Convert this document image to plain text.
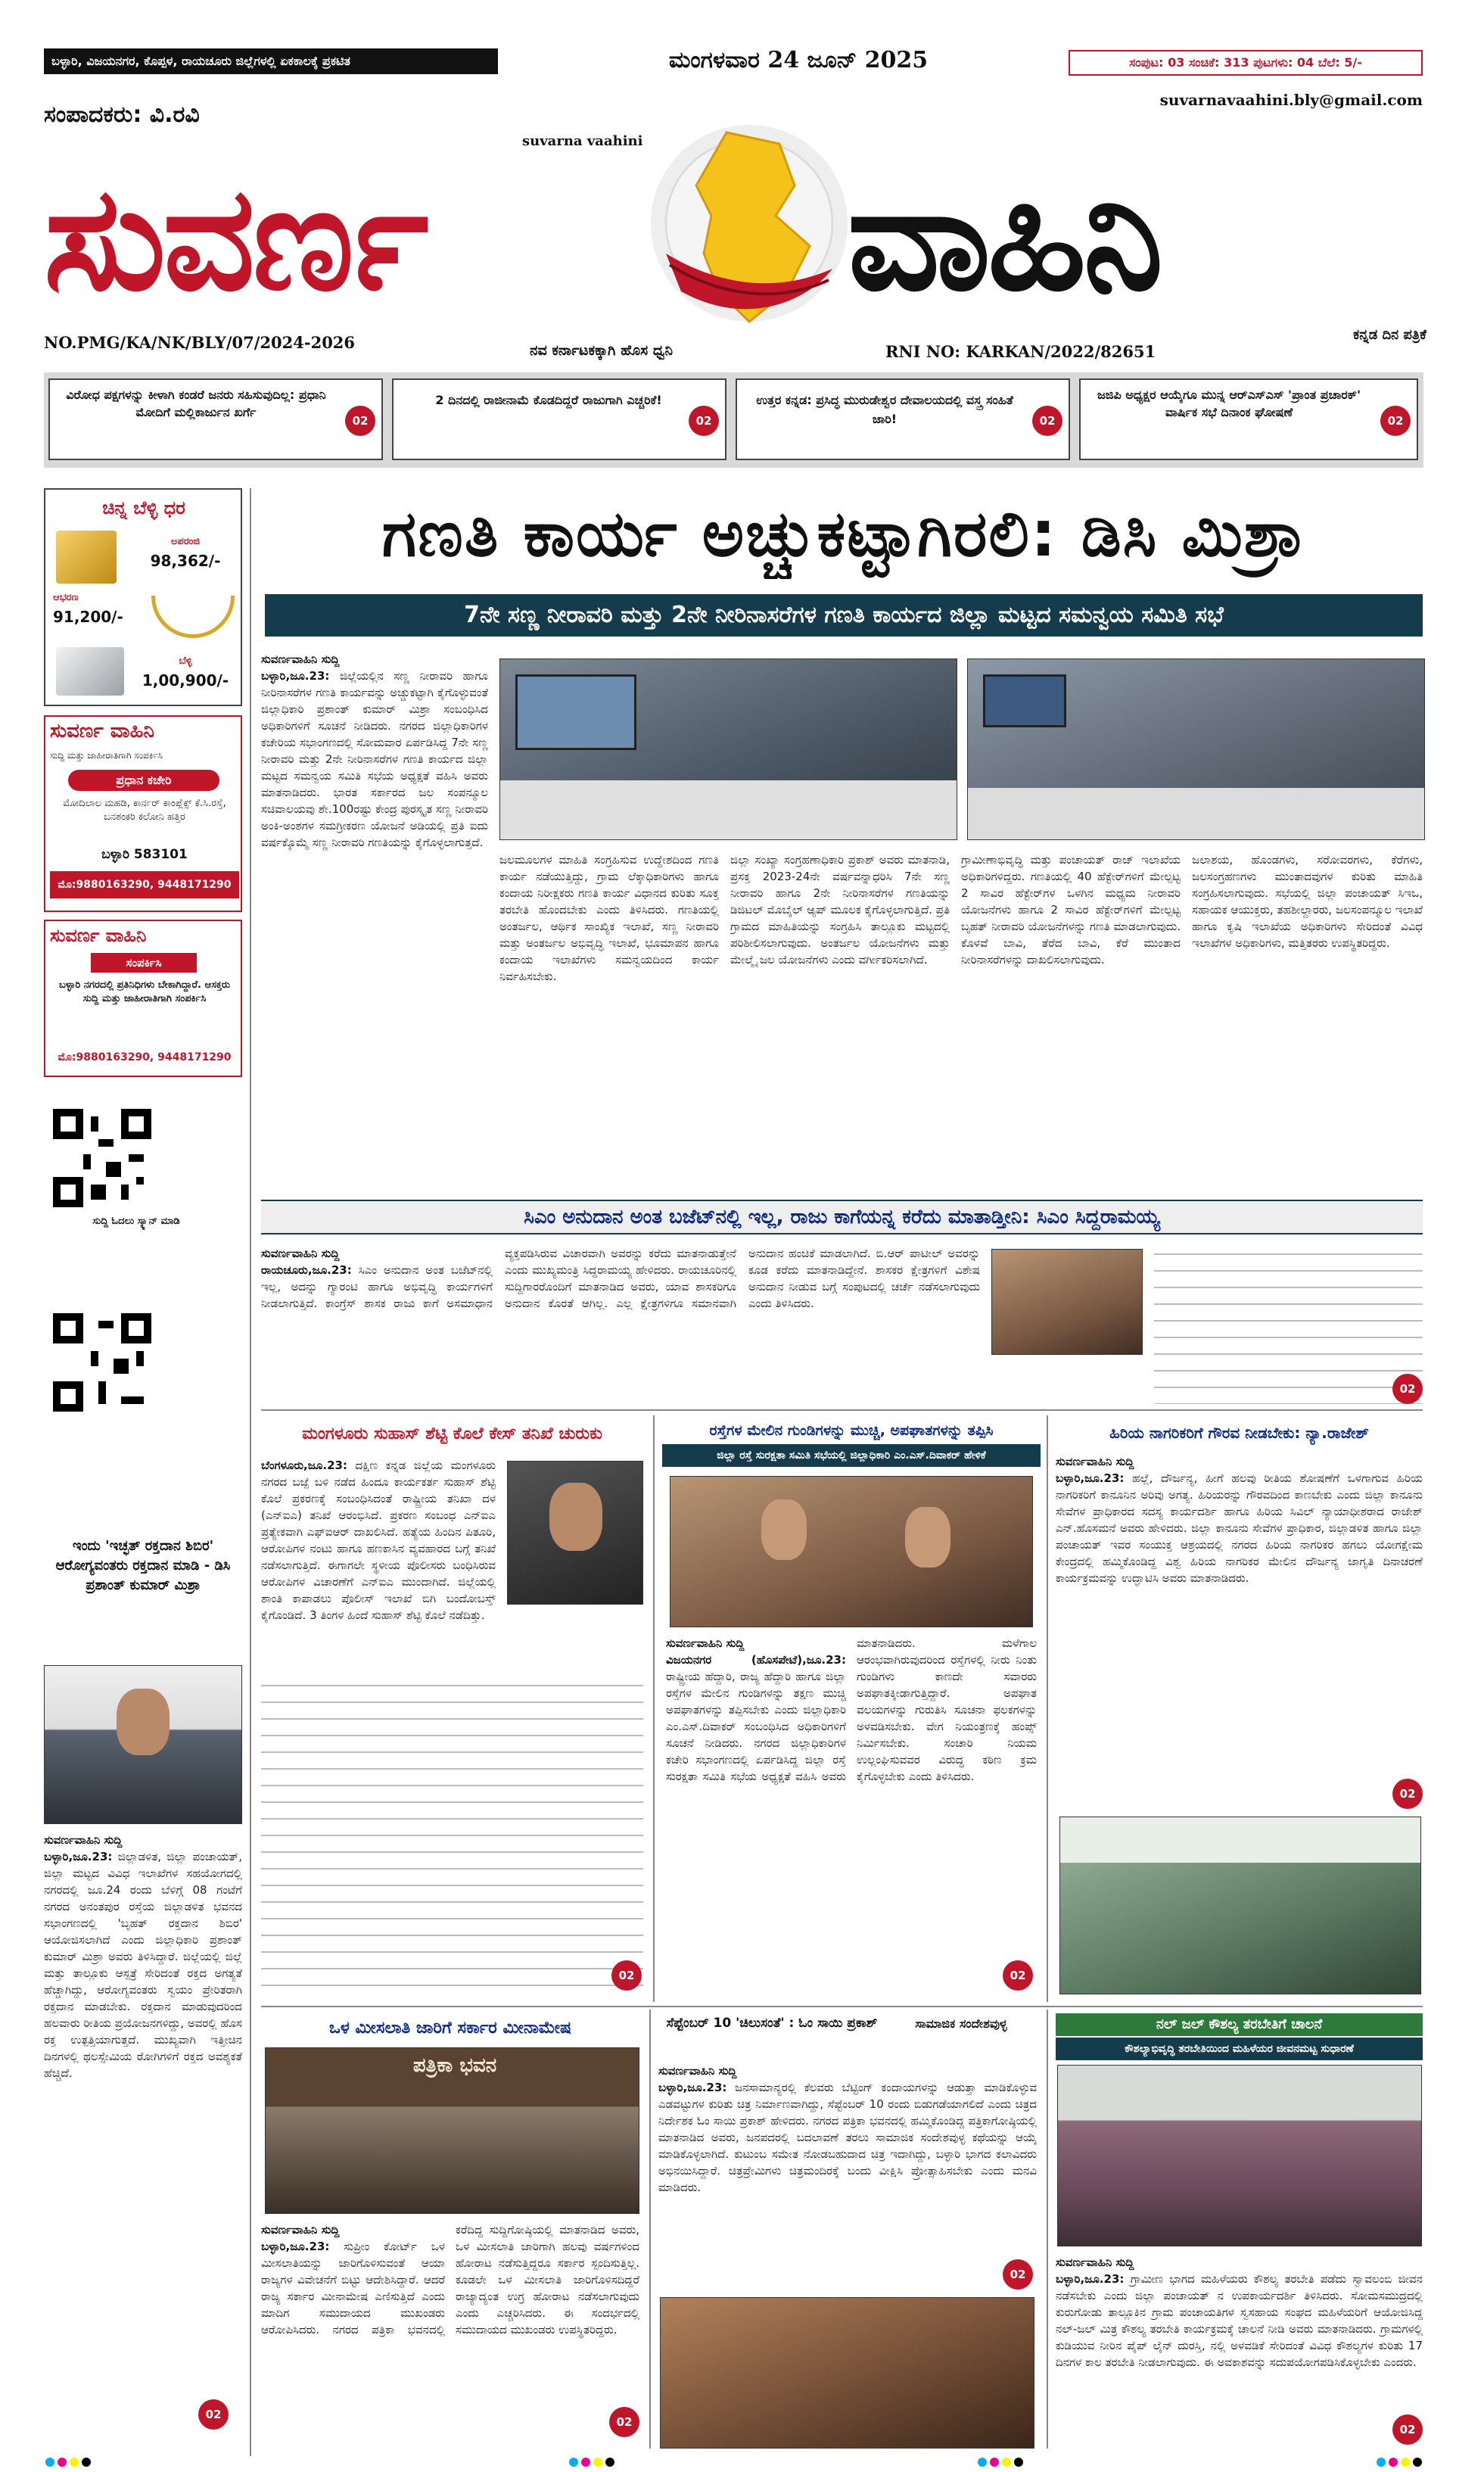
ಬಳ್ಳಾರಿ, ವಿಜಯನಗರ, ಕೊಪ್ಪಳ, ರಾಯಚೂರು ಜಿಲ್ಲೆಗಳಲ್ಲಿ ಏಕಕಾಲಕ್ಕೆ ಪ್ರಕಟಿತ	ಮಂಗಳವಾರ 24 ಜೂನ್ 2025	ಸಂಪುಟ: 03 ಸಂಚಿಕೆ: 313 ಪುಟಗಳು: 04 ಬೆಲೆ: 5/-
suvarnavaahini.bly@gmail.com
ಸಂಪಾದಕರು: ವಿ.ರವಿ
suvarna vaahini
ಸುವರ್ಣ	ವಾಹಿನಿ
NO.PMG/KA/NK/BLY/07/2024-2026	ನವ ಕರ್ನಾಟಕಕ್ಕಾಗಿ ಹೊಸ ಧ್ವನಿ	RNI NO: KARKAN/2022/82651
ಕನ್ನಡ ದಿನ ಪತ್ರಿಕೆ
ವಿರೋಧ ಪಕ್ಷಗಳನ್ನು ಕೀಳಾಗಿ ಕಂಡರೆ ಜನರು ಸಹಿಸುವುದಿಲ್ಲ: ಪ್ರಧಾನಿ ಮೋದಿಗೆ ಮಲ್ಲಿಕಾರ್ಜುನ ಖರ್ಗೆ
02
2 ದಿನದಲ್ಲಿ ರಾಜೀನಾಮೆ ಕೊಡದಿದ್ದರೆ ರಾಜುಗಾಗಿ ಎಚ್ಚರಿಕೆ!
02
ಉತ್ತರ ಕನ್ನಡ: ಪ್ರಸಿದ್ಧ ಮುರುಡೇಶ್ವರ ದೇವಾಲಯದಲ್ಲಿ ವಸ್ತ್ರ ಸಂಹಿತೆ ಜಾರಿ!	02
ಜಜಿಪಿ ಅಧ್ಯಕ್ಷರ ಆಯ್ಕೆಗೂ ಮುನ್ನ ಆರ್‌ಎಸ್‌ಎಸ್ 'ಪ್ರಾಂತ ಪ್ರಚಾರಕ್' ವಾರ್ಷಿಕ ಸಭೆ ದಿನಾಂಕ ಘೋಷಣೆ
02
ಚಿನ್ನ ಬೆಳ್ಳಿ ಧರ
ಅಪರಂಜಿ
98,362/-
ಆಭರಣ
91,200/-
ಬೆಳ್ಳಿ
1,00,900/-
ಸುವರ್ಣ ವಾಹಿನಿ
ಸುದ್ದಿ ಮತ್ತು ಜಾಹೀರಾತಿಗಾಗಿ ಸಂಪರ್ಕಿಸಿ
ಪ್ರಧಾನ ಕಚೇರಿ
ಮೋದಿಲಾಲ ಮಹಡಿ, ಕಾರ್ನರ್ ಕಾಂಪ್ಲೆಕ್ಸ್ ಕೆ.ಸಿ.ರಸ್ತೆ, ಬನಶಂಕರಿ ಕಲೋನಿ ಹತ್ತಿರ
ಬಳ್ಳಾರಿ 583101
ಮೊ:9880163290, 9448171290
ಸುವರ್ಣ ವಾಹಿನಿ
ಸಂಪರ್ಕಿಸಿ
ಬಳ್ಳಾರಿ ನಗರದಲ್ಲಿ ಪ್ರತಿನಿಧಿಗಳು ಬೇಕಾಗಿದ್ದಾರೆ. ಆಸಕ್ತರು ಸುದ್ದಿ ಮತ್ತು ಜಾಹೀರಾತಿಗಾಗಿ ಸಂಪರ್ಕಿಸಿ
ಮೊ:9880163290, 9448171290
ಸುದ್ದಿ ಓದಲು ಸ್ಕ್ಯಾನ್ ಮಾಡಿ
ಇಂದು 'ಇಚ್ಛತ್ ರಕ್ತದಾನ ಶಿಬಿರ' ಆರೋಗ್ಯವಂತರು ರಕ್ತದಾನ ಮಾಡಿ - ಡಿಸಿ ಪ್ರಶಾಂತ್ ಕುಮಾರ್ ಮಿಶ್ರಾ
ಸುವರ್ಣವಾಹಿನಿ ಸುದ್ದಿ
ಬಳ್ಳಾರಿ,ಜೂ.23: ಜಿಲ್ಲಾಡಳಿತ, ಜಿಲ್ಲಾ ಪಂಚಾಯತ್, ಜಿಲ್ಲಾ ಮಟ್ಟದ ವಿವಿಧ ಇಲಾಖೆಗಳ ಸಹಯೋಗದಲ್ಲಿ ನಗರದಲ್ಲಿ ಜೂ.24 ರಂದು ಬೆಳಿಗ್ಗೆ 08 ಗಂಟೆಗೆ ನಗರದ ಅನಂತಪುರ ರಸ್ತೆಯ ಜಿಲ್ಲಾಡಳಿತ ಭವನದ ಸಭಾಂಗಣದಲ್ಲಿ 'ಬೃಹತ್ ರಕ್ತದಾನ ಶಿಬಿರ' ಆಯೋಜಿಸಲಾಗಿದೆ ಎಂದು ಜಿಲ್ಲಾಧಿಕಾರಿ ಪ್ರಶಾಂತ್ ಕುಮಾರ್ ಮಿಶ್ರಾ ಅವರು ತಿಳಿಸಿದ್ದಾರೆ. ಜಿಲ್ಲೆಯಲ್ಲಿ ಜಿಲ್ಲೆ ಮತ್ತು ತಾಲ್ಲೂಕು ಆಸ್ಪತ್ರೆ ಸೇರಿದಂತೆ ರಕ್ತದ ಅಗತ್ಯತೆ ಹೆಚ್ಚಾಗಿದ್ದು, ಆರೋಗ್ಯವಂತರು ಸ್ವಯಂ ಪ್ರೇರಿತರಾಗಿ ರಕ್ತದಾನ ಮಾಡಬೇಕು. ರಕ್ತದಾನ ಮಾಡುವುದರಿಂದ ಹಲವಾರು ರೀತಿಯ ಪ್ರಯೋಜನಗಳಿದ್ದು, ಅವರಲ್ಲಿ ಹೊಸ ರಕ್ತ ಉತ್ಪತ್ತಿಯಾಗುತ್ತದೆ. ಮುಖ್ಯವಾಗಿ ಇತ್ತೀಚಿನ ದಿನಗಳಲ್ಲಿ ಥಲಸ್ಸೇಮಿಯ ರೋಗಿಗಳಿಗೆ ರಕ್ತದ ಅವಶ್ಯಕತೆ ಹೆಚ್ಚಿದೆ.
02
ಗಣತಿ ಕಾರ್ಯ ಅಚ್ಚುಕಟ್ಟಾಗಿರಲಿ: ಡಿಸಿ ಮಿಶ್ರಾ
7ನೇ ಸಣ್ಣ ನೀರಾವರಿ ಮತ್ತು 2ನೇ ನೀರಿನಾಸರೆಗಳ ಗಣತಿ ಕಾರ್ಯದ ಜಿಲ್ಲಾ ಮಟ್ಟದ ಸಮನ್ವಯ ಸಮಿತಿ ಸಭೆ
ಸುವರ್ಣವಾಹಿನಿ ಸುದ್ದಿ
ಬಳ್ಳಾರಿ,ಜೂ.23: ಜಿಲ್ಲೆಯಲ್ಲಿನ ಸಣ್ಣ ನೀರಾವರಿ ಹಾಗೂ ನೀರಿನಾಸರೆಗಳ ಗಣತಿ ಕಾರ್ಯವನ್ನು ಅಚ್ಚುಕಟ್ಟಾಗಿ ಕೈಗೊಳ್ಳುವಂತೆ ಜಿಲ್ಲಾಧಿಕಾರಿ ಪ್ರಶಾಂತ್ ಕುಮಾರ್ ಮಿಶ್ರಾ ಸಂಬಂಧಿಸಿದ ಅಧಿಕಾರಿಗಳಿಗೆ ಸೂಚನೆ ನೀಡಿದರು. ನಗರದ ಜಿಲ್ಲಾಧಿಕಾರಿಗಳ ಕಚೇರಿಯ ಸಭಾಂಗಣದಲ್ಲಿ ಸೋಮವಾರ ಏರ್ಪಡಿಸಿದ್ದ 7ನೇ ಸಣ್ಣ ನೀರಾವರಿ ಮತ್ತು 2ನೇ ನೀರಿನಾಸರೆಗಳ ಗಣತಿ ಕಾರ್ಯದ ಜಿಲ್ಲಾ ಮಟ್ಟದ ಸಮನ್ವಯ ಸಮಿತಿ ಸಭೆಯ ಅಧ್ಯಕ್ಷತೆ ವಹಿಸಿ ಅವರು ಮಾತನಾಡಿದರು. ಭಾರತ ಸರ್ಕಾರದ ಜಲ ಸಂಪನ್ಮೂಲ ಸಚಿವಾಲಯವು ಶೇ.100ರಷ್ಟು ಕೇಂದ್ರ ಪುರಸ್ಕೃತ ಸಣ್ಣ ನೀರಾವರಿ ಅಂಕಿ-ಅಂಶಗಳ ಸಮಗ್ರೀಕರಣ ಯೋಜನೆ ಅಡಿಯಲ್ಲಿ ಪ್ರತಿ ಐದು ವರ್ಷಕ್ಕೊಮ್ಮೆ ಸಣ್ಣ ನೀರಾವರಿ ಗಣತಿಯನ್ನು ಕೈಗೊಳ್ಳಲಾಗುತ್ತದೆ.
ಜಲಮೂಲಗಳ ಮಾಹಿತಿ ಸಂಗ್ರಹಿಸುವ ಉದ್ದೇಶದಿಂದ ಗಣತಿ ಕಾರ್ಯ ನಡೆಯುತ್ತಿದ್ದು, ಗ್ರಾಮ ಲೆಕ್ಕಾಧಿಕಾರಿಗಳು ಹಾಗೂ ಕಂದಾಯ ನಿರೀಕ್ಷಕರು ಗಣತಿ ಕಾರ್ಯ ವಿಧಾನದ ಕುರಿತು ಸೂಕ್ತ ತರಬೇತಿ ಹೊಂದಬೇಕು ಎಂದು ತಿಳಿಸಿದರು. ಗಣತಿಯಲ್ಲಿ ಅಂತರ್ಜಲ, ಆರ್ಥಿಕ ಸಾಂಖ್ಯಿಕ ಇಲಾಖೆ, ಸಣ್ಣ ನೀರಾವರಿ ಮತ್ತು ಅಂತರ್ಜಲ ಅಭಿವೃದ್ಧಿ ಇಲಾಖೆ, ಭೂಮಾಪನ ಹಾಗೂ ಕಂದಾಯ ಇಲಾಖೆಗಳು ಸಮನ್ವಯದಿಂದ ಕಾರ್ಯ ನಿರ್ವಹಿಸಬೇಕು.
ಜಿಲ್ಲಾ ಸಂಖ್ಯಾ ಸಂಗ್ರಹಣಾಧಿಕಾರಿ ಪ್ರಕಾಶ್ ಅವರು ಮಾತನಾಡಿ, ಪ್ರಸಕ್ತ 2023-24ನೇ ವರ್ಷವನ್ನಾಧರಿಸಿ 7ನೇ ಸಣ್ಣ ನೀರಾವರಿ ಹಾಗೂ 2ನೇ ನೀರಿನಾಸರೆಗಳ ಗಣತಿಯನ್ನು ಡಿಜಿಟಲ್ ಮೊಬೈಲ್ ಆ್ಯಪ್ ಮೂಲಕ ಕೈಗೊಳ್ಳಲಾಗುತ್ತಿದೆ. ಪ್ರತಿ ಗ್ರಾಮದ ಮಾಹಿತಿಯನ್ನು ಸಂಗ್ರಹಿಸಿ ತಾಲ್ಲೂಕು ಮಟ್ಟದಲ್ಲಿ ಪರಿಶೀಲಿಸಲಾಗುವುದು. ಅಂತರ್ಜಲ ಯೋಜನೆಗಳು ಮತ್ತು ಮೇಲ್ಮೈ ಜಲ ಯೋಜನೆಗಳು ಎಂದು ವರ್ಗೀಕರಿಸಲಾಗಿದೆ.
ಗ್ರಾಮೀಣಾಭಿವೃದ್ಧಿ ಮತ್ತು ಪಂಚಾಯತ್ ರಾಜ್ ಇಲಾಖೆಯ ಅಧಿಕಾರಿಗಳಿದ್ದರು. ಗಣತಿಯಲ್ಲಿ 40 ಹೆಕ್ಟೇರ್‌ಗಳಿಗೆ ಮೇಲ್ಪಟ್ಟ 2 ಸಾವಿರ ಹೆಕ್ಟೇರ್‌ಗಳ ಒಳಗಿನ ಮಧ್ಯಮ ನೀರಾವರಿ ಯೋಜನೆಗಳು ಹಾಗೂ 2 ಸಾವಿರ ಹೆಕ್ಟೇರ್‌ಗಳಿಗೆ ಮೇಲ್ಪಟ್ಟ ಬೃಹತ್ ನೀರಾವರಿ ಯೋಜನೆಗಳನ್ನು ಗಣತಿ ಮಾಡಲಾಗುವುದು. ಕೊಳವೆ ಬಾವಿ, ತೆರೆದ ಬಾವಿ, ಕೆರೆ ಮುಂತಾದ ನೀರಿನಾಸರೆಗಳನ್ನು ದಾಖಲಿಸಲಾಗುವುದು.
ಜಲಾಶಯ, ಹೊಂಡಗಳು, ಸರೋವರಗಳು, ಕೆರೆಗಳು, ಜಲಸಂಗ್ರಹಣಗಳು ಮುಂತಾದವುಗಳ ಕುರಿತು ಮಾಹಿತಿ ಸಂಗ್ರಹಿಸಲಾಗುವುದು. ಸಭೆಯಲ್ಲಿ ಜಿಲ್ಲಾ ಪಂಚಾಯತ್ ಸಿಇಒ, ಸಹಾಯಕ ಆಯುಕ್ತರು, ತಹಶೀಲ್ದಾರರು, ಜಲಸಂಪನ್ಮೂಲ ಇಲಾಖೆ ಹಾಗೂ ಕೃಷಿ ಇಲಾಖೆಯ ಅಧಿಕಾರಿಗಳು ಸೇರಿದಂತೆ ವಿವಿಧ ಇಲಾಖೆಗಳ ಅಧಿಕಾರಿಗಳು, ಮತ್ತಿತರರು ಉಪಸ್ಥಿತರಿದ್ದರು.
ಸಿಎಂ ಅನುದಾನ ಅಂತ ಬಜೆಟ್‌ನಲ್ಲಿ ಇಲ್ಲ, ರಾಜು ಕಾಗೆಯನ್ನ ಕರೆದು ಮಾತಾಡ್ತೀನಿ: ಸಿಎಂ ಸಿದ್ದರಾಮಯ್ಯ
ಸುವರ್ಣವಾಹಿನಿ ಸುದ್ದಿ
ರಾಯಚೂರು,ಜೂ.23: ಸಿಎಂ ಅನುದಾನ ಅಂತ ಬಜೆಟ್‌ನಲ್ಲಿ ಇಲ್ಲ, ಅದನ್ನು ಗ್ಯಾರಂಟಿ ಹಾಗೂ ಅಭಿವೃದ್ಧಿ ಕಾರ್ಯಗಳಿಗೆ ನೀಡಲಾಗುತ್ತಿದೆ. ಕಾಂಗ್ರೆಸ್ ಶಾಸಕ ರಾಜು ಕಾಗೆ ಅಸಮಾಧಾನ ವ್ಯಕ್ತಪಡಿಸಿರುವ ವಿಚಾರವಾಗಿ ಅವರನ್ನು ಕರೆದು ಮಾತನಾಡುತ್ತೇನೆ ಎಂದು ಮುಖ್ಯಮಂತ್ರಿ ಸಿದ್ದರಾಮಯ್ಯ ಹೇಳಿದರು. ರಾಯಚೂರಿನಲ್ಲಿ ಸುದ್ದಿಗಾರರೊಂದಿಗೆ ಮಾತನಾಡಿದ ಅವರು, ಯಾವ ಶಾಸಕರಿಗೂ ಅನುದಾನ ಕೊರತೆ ಆಗಿಲ್ಲ. ಎಲ್ಲ ಕ್ಷೇತ್ರಗಳಿಗೂ ಸಮಾನವಾಗಿ ಅನುದಾನ ಹಂಚಿಕೆ ಮಾಡಲಾಗಿದೆ. ಬಿ.ಆರ್ ಪಾಟೀಲ್ ಅವರನ್ನು ಕೂಡ ಕರೆದು ಮಾತನಾಡಿದ್ದೇನೆ. ಶಾಸಕರ ಕ್ಷೇತ್ರಗಳಿಗೆ ವಿಶೇಷ ಅನುದಾನ ನೀಡುವ ಬಗ್ಗೆ ಸಂಪುಟದಲ್ಲಿ ಚರ್ಚೆ ನಡೆಸಲಾಗುವುದು ಎಂದು ತಿಳಿಸಿದರು.
02
ಮಂಗಳೂರು ಸುಹಾಸ್ ಶೆಟ್ಟಿ ಕೊಲೆ ಕೇಸ್ ತನಿಖೆ ಚುರುಕು
ಬೆಂಗಳೂರು,ಜೂ.23: ದಕ್ಷಿಣ ಕನ್ನಡ ಜಿಲ್ಲೆಯ ಮಂಗಳೂರು ನಗರದ ಬಜ್ಪೆ ಬಳಿ ನಡೆದ ಹಿಂದೂ ಕಾರ್ಯಕರ್ತ ಸುಹಾಸ್ ಶೆಟ್ಟಿ ಕೊಲೆ ಪ್ರಕರಣಕ್ಕೆ ಸಂಬಂಧಿಸಿದಂತೆ ರಾಷ್ಟ್ರೀಯ ತನಿಖಾ ದಳ (ಎನ್‌ಐಎ) ತನಿಖೆ ಆರಂಭಿಸಿದೆ. ಪ್ರಕರಣ ಸಂಬಂಧ ಎನ್‌ಐಎ ಪ್ರತ್ಯೇಕವಾಗಿ ಎಫ್‌ಐಆರ್ ದಾಖಲಿಸಿದೆ. ಹತ್ಯೆಯ ಹಿಂದಿನ ಪಿತೂರಿ, ಆರೋಪಿಗಳ ನಂಟು ಹಾಗೂ ಹಣಕಾಸಿನ ವ್ಯವಹಾರದ ಬಗ್ಗೆ ತನಿಖೆ ನಡೆಸಲಾಗುತ್ತಿದೆ. ಈಗಾಗಲೇ ಸ್ಥಳೀಯ ಪೊಲೀಸರು ಬಂಧಿಸಿರುವ ಆರೋಪಿಗಳ ವಿಚಾರಣೆಗೆ ಎನ್‌ಐಎ ಮುಂದಾಗಿದೆ. ಜಿಲ್ಲೆಯಲ್ಲಿ ಶಾಂತಿ ಕಾಪಾಡಲು ಪೊಲೀಸ್ ಇಲಾಖೆ ಬಿಗಿ ಬಂದೋಬಸ್ತ್ ಕೈಗೊಂಡಿದೆ. 3 ತಿಂಗಳ ಹಿಂದೆ ಸುಹಾಸ್ ಶೆಟ್ಟಿ ಕೊಲೆ ನಡೆದಿತ್ತು.
02
ರಸ್ತೆಗಳ ಮೇಲಿನ ಗುಂಡಿಗಳನ್ನು ಮುಚ್ಚಿ, ಅಪಘಾತಗಳನ್ನು ತಪ್ಪಿಸಿ
ಜಿಲ್ಲಾ ರಸ್ತೆ ಸುರಕ್ಷತಾ ಸಮಿತಿ ಸಭೆಯಲ್ಲಿ ಜಿಲ್ಲಾಧಿಕಾರಿ ಎಂ.ಎಸ್.ದಿವಾಕರ್ ಹೇಳಿಕೆ
ಸುವರ್ಣವಾಹಿನಿ ಸುದ್ದಿ
ವಿಜಯನಗರ (ಹೊಸಪೇಟೆ),ಜೂ.23: ರಾಷ್ಟ್ರೀಯ ಹೆದ್ದಾರಿ, ರಾಜ್ಯ ಹೆದ್ದಾರಿ ಹಾಗೂ ಜಿಲ್ಲಾ ರಸ್ತೆಗಳ ಮೇಲಿನ ಗುಂಡಿಗಳನ್ನು ತಕ್ಷಣ ಮುಚ್ಚಿ ಅಪಘಾತಗಳನ್ನು ತಪ್ಪಿಸಬೇಕು ಎಂದು ಜಿಲ್ಲಾಧಿಕಾರಿ ಎಂ.ಎಸ್.ದಿವಾಕರ್ ಸಂಬಂಧಿಸಿದ ಅಧಿಕಾರಿಗಳಿಗೆ ಸೂಚನೆ ನೀಡಿದರು. ನಗರದ ಜಿಲ್ಲಾಧಿಕಾರಿಗಳ ಕಚೇರಿ ಸಭಾಂಗಣದಲ್ಲಿ ಏರ್ಪಡಿಸಿದ್ದ ಜಿಲ್ಲಾ ರಸ್ತೆ ಸುರಕ್ಷತಾ ಸಮಿತಿ ಸಭೆಯ ಅಧ್ಯಕ್ಷತೆ ವಹಿಸಿ ಅವರು ಮಾತನಾಡಿದರು. ಮಳೆಗಾಲ ಆರಂಭವಾಗಿರುವುದರಿಂದ ರಸ್ತೆಗಳಲ್ಲಿ ನೀರು ನಿಂತು ಗುಂಡಿಗಳು ಕಾಣದೇ ಸವಾರರು ಅಪಘಾತಕ್ಕೀಡಾಗುತ್ತಿದ್ದಾರೆ. ಅಪಘಾತ ವಲಯಗಳನ್ನು ಗುರುತಿಸಿ ಸೂಚನಾ ಫಲಕಗಳನ್ನು ಅಳವಡಿಸಬೇಕು. ವೇಗ ನಿಯಂತ್ರಣಕ್ಕೆ ಹಂಪ್ಸ್ ನಿರ್ಮಿಸಬೇಕು. ಸಂಚಾರಿ ನಿಯಮ ಉಲ್ಲಂಘಿಸುವವರ ವಿರುದ್ಧ ಕಠಿಣ ಕ್ರಮ ಕೈಗೊಳ್ಳಬೇಕು ಎಂದು ತಿಳಿಸಿದರು.
02
ಹಿರಿಯ ನಾಗರಿಕರಿಗೆ ಗೌರವ ನೀಡಬೇಕು: ನ್ಯಾ.ರಾಜೇಶ್
ಸುವರ್ಣವಾಹಿನಿ ಸುದ್ದಿ
ಬಳ್ಳಾರಿ,ಜೂ.23: ಹಲ್ಲೆ, ದೌರ್ಜನ್ಯ, ಹೀಗೆ ಹಲವು ರೀತಿಯ ಶೋಷಣೆಗೆ ಒಳಗಾಗುವ ಹಿರಿಯ ನಾಗರಿಕರಿಗೆ ಕಾನೂನಿನ ಅರಿವು ಅಗತ್ಯ. ಹಿರಿಯರನ್ನು ಗೌರವದಿಂದ ಕಾಣಬೇಕು ಎಂದು ಜಿಲ್ಲಾ ಕಾನೂನು ಸೇವೆಗಳ ಪ್ರಾಧಿಕಾರದ ಸದಸ್ಯ ಕಾರ್ಯದರ್ಶಿ ಹಾಗೂ ಹಿರಿಯ ಸಿವಿಲ್ ನ್ಯಾಯಾಧೀಶರಾದ ರಾಜೇಶ್ ಎನ್.ಹೊಸಮನೆ ಅವರು ಹೇಳಿದರು. ಜಿಲ್ಲಾ ಕಾನೂನು ಸೇವೆಗಳ ಪ್ರಾಧಿಕಾರ, ಜಿಲ್ಲಾಡಳಿತ ಹಾಗೂ ಜಿಲ್ಲಾ ಪಂಚಾಯತ್ ಇವರ ಸಂಯುಕ್ತ ಆಶ್ರಯದಲ್ಲಿ ನಗರದ ಹಿರಿಯ ನಾಗರಿಕರ ಹಗಲು ಯೋಗಕ್ಷೇಮ ಕೇಂದ್ರದಲ್ಲಿ ಹಮ್ಮಿಕೊಂಡಿದ್ದ ವಿಶ್ವ ಹಿರಿಯ ನಾಗರಿಕರ ಮೇಲಿನ ದೌರ್ಜನ್ಯ ಜಾಗೃತಿ ದಿನಾಚರಣೆ ಕಾರ್ಯಕ್ರಮವನ್ನು ಉದ್ಘಾಟಿಸಿ ಅವರು ಮಾತನಾಡಿದರು.
02
ಒಳ ಮೀಸಲಾತಿ ಜಾರಿಗೆ ಸರ್ಕಾರ ಮೀನಾಮೇಷ
ಪತ್ರಿಕಾ ಭವನ
ಸುವರ್ಣವಾಹಿನಿ ಸುದ್ದಿ
ಬಳ್ಳಾರಿ,ಜೂ.23: ಸುಪ್ರೀಂ ಕೋರ್ಟ್ ಒಳ ಮೀಸಲಾತಿಯನ್ನು ಜಾರಿಗೊಳಿಸುವಂತೆ ಆಯಾ ರಾಜ್ಯಗಳ ವಿವೇಚನೆಗೆ ಬಿಟ್ಟು ಆದೇಶಿಸಿದ್ದಾರೆ. ಆದರೆ ರಾಜ್ಯ ಸರ್ಕಾರ ಮೀನಾಮೇಷ ಎಣಿಸುತ್ತಿದೆ ಎಂದು ಮಾದಿಗ ಸಮುದಾಯದ ಮುಖಂಡರು ಆರೋಪಿಸಿದರು. ನಗರದ ಪತ್ರಿಕಾ ಭವನದಲ್ಲಿ ಕರೆದಿದ್ದ ಸುದ್ದಿಗೋಷ್ಠಿಯಲ್ಲಿ ಮಾತನಾಡಿದ ಅವರು, ಒಳ ಮೀಸಲಾತಿ ಜಾರಿಗಾಗಿ ಹಲವು ವರ್ಷಗಳಿಂದ ಹೋರಾಟ ನಡೆಸುತ್ತಿದ್ದರೂ ಸರ್ಕಾರ ಸ್ಪಂದಿಸುತ್ತಿಲ್ಲ. ಕೂಡಲೇ ಒಳ ಮೀಸಲಾತಿ ಜಾರಿಗೊಳಿಸದಿದ್ದರೆ ರಾಜ್ಯಾದ್ಯಂತ ಉಗ್ರ ಹೋರಾಟ ನಡೆಸಲಾಗುವುದು ಎಂದು ಎಚ್ಚರಿಸಿದರು. ಈ ಸಂದರ್ಭದಲ್ಲಿ ಸಮುದಾಯದ ಮುಖಂಡರು ಉಪಸ್ಥಿತರಿದ್ದರು.
02
ಸೆಪ್ಟೆಂಬರ್ 10 'ಚಿಲುಸಂತೆ' : ಓಂ ಸಾಯಿ ಪ್ರಕಾಶ್	ಸಾಮಾಜಿಕ ಸಂದೇಶವುಳ್ಳ
ಸುವರ್ಣವಾಹಿನಿ ಸುದ್ದಿ
ಬಳ್ಳಾರಿ,ಜೂ.23: ಜನಸಾಮಾನ್ಯರಲ್ಲಿ ಕೆಲವರು ಬೆಟ್ಟಿಂಗ್ ಕಂದಾಯಗಳನ್ನು ಆಡುತ್ತಾ ಮಾಡಿಕೊಳ್ಳುವ ಎಡವಟ್ಟುಗಳ ಕುರಿತು ಚಿತ್ರ ನಿರ್ಮಾಣವಾಗಿದ್ದು, ಸೆಪ್ಟೆಂಬರ್ 10 ರಂದು ಬಿಡುಗಡೆಯಾಗಲಿದೆ ಎಂದು ಚಿತ್ರದ ನಿರ್ದೇಶಕ ಓಂ ಸಾಯಿ ಪ್ರಕಾಶ್ ಹೇಳಿದರು. ನಗರದ ಪತ್ರಿಕಾ ಭವನದಲ್ಲಿ ಹಮ್ಮಿಕೊಂಡಿದ್ದ ಪತ್ರಿಕಾಗೋಷ್ಠಿಯಲ್ಲಿ ಮಾತನಾಡಿದ ಅವರು, ಜನಪದರಲ್ಲಿ ಬದಲಾವಣೆ ತರಲು ಸಾಮಾಜಿಕ ಸಂದೇಶವುಳ್ಳ ಕಥೆಯನ್ನು ಆಯ್ಕೆ ಮಾಡಿಕೊಳ್ಳಲಾಗಿದೆ. ಕುಟುಂಬ ಸಮೇತ ನೋಡಬಹುದಾದ ಚಿತ್ರ ಇದಾಗಿದ್ದು, ಬಳ್ಳಾರಿ ಭಾಗದ ಕಲಾವಿದರು ಅಭಿನಯಿಸಿದ್ದಾರೆ. ಚಿತ್ರಪ್ರೇಮಿಗಳು ಚಿತ್ರಮಂದಿರಕ್ಕೆ ಬಂದು ವೀಕ್ಷಿಸಿ ಪ್ರೋತ್ಸಾಹಿಸಬೇಕು ಎಂದು ಮನವಿ ಮಾಡಿದರು.
02
ನಲ್ ಜಲ್ ಕೌಶಲ್ಯ ತರಬೇತಿಗೆ ಚಾಲನೆ
ಕೌಶಲ್ಯಾಭಿವೃದ್ಧಿ ತರಬೇತಿಯಿಂದ ಮಹಿಳೆಯರ ಜೀವನಮಟ್ಟ ಸುಧಾರಣೆ
ಸುವರ್ಣವಾಹಿನಿ ಸುದ್ದಿ
ಬಳ್ಳಾರಿ,ಜೂ.23: ಗ್ರಾಮೀಣ ಭಾಗದ ಮಹಿಳೆಯರು ಕೌಶಲ್ಯ ತರಬೇತಿ ಪಡೆದು ಸ್ವಾವಲಂಬಿ ಜೀವನ ನಡೆಸಬೇಕು ಎಂದು ಜಿಲ್ಲಾ ಪಂಚಾಯತ್ ನ ಉಪಕಾರ್ಯದರ್ಶಿ ತಿಳಿಸಿದರು. ಸೋಮಸಮುದ್ರದಲ್ಲಿ ಕುರುಗೋಡು ತಾಲ್ಲೂಕಿನ ಗ್ರಾಮ ಪಂಚಾಯತಿಗಳ ಸ್ವಸಹಾಯ ಸಂಘದ ಮಹಿಳೆಯರಿಗೆ ಆಯೋಜಿಸಿದ್ದ ನಲ್-ಜಲ್ ಮಿತ್ರ ಕೌಶಲ್ಯ ತರಬೇತಿ ಕಾರ್ಯಕ್ರಮಕ್ಕೆ ಚಾಲನೆ ನೀಡಿ ಅವರು ಮಾತನಾಡಿದರು. ಗ್ರಾಮಗಳಲ್ಲಿ ಕುಡಿಯುವ ನೀರಿನ ಪೈಪ್ ಲೈನ್ ದುರಸ್ತಿ, ನಲ್ಲಿ ಅಳವಡಿಕೆ ಸೇರಿದಂತೆ ವಿವಿಧ ಕೌಶಲ್ಯಗಳ ಕುರಿತು 17 ದಿನಗಳ ಕಾಲ ತರಬೇತಿ ನೀಡಲಾಗುವುದು. ಈ ಅವಕಾಶವನ್ನು ಸದುಪಯೋಗಪಡಿಸಿಕೊಳ್ಳಬೇಕು ಎಂದರು.
02
